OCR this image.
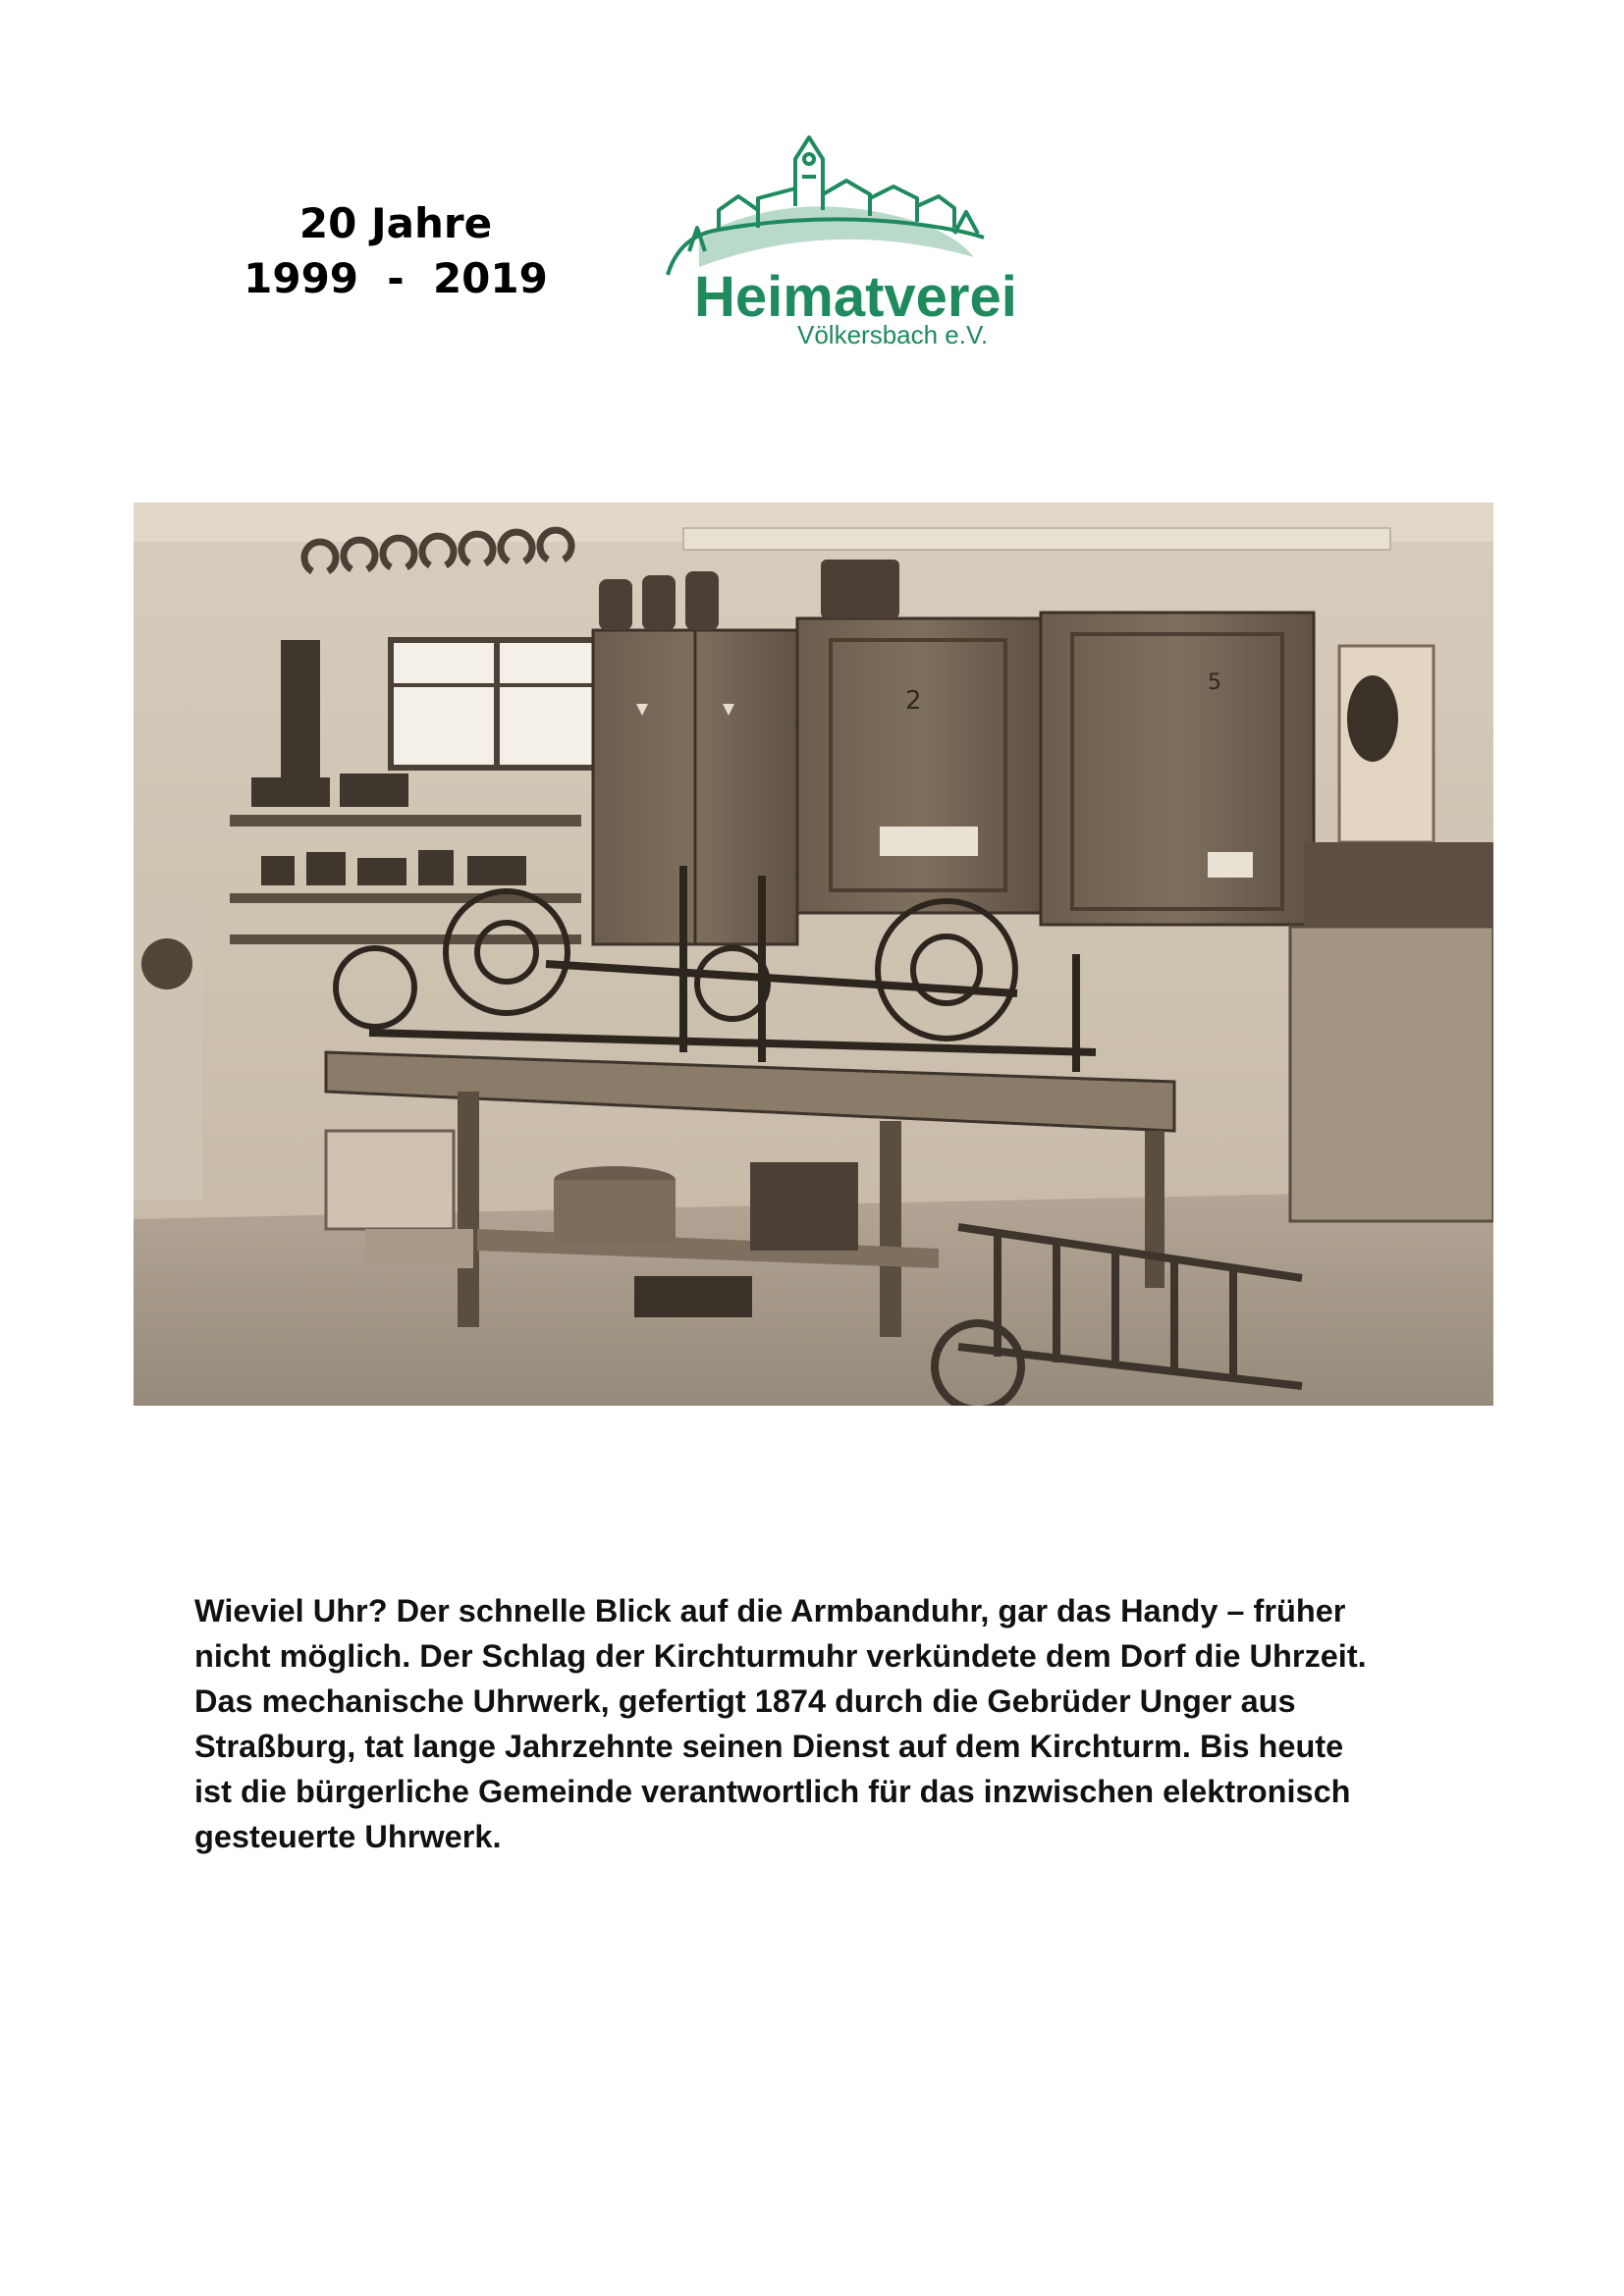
20 Jahre
1999  -  2019	Heimatverei
Völkersbach e.V.
2
5

Wieviel Uhr? Der schnelle Blick auf die Armbanduhr, gar das Handy – früher

nicht möglich. Der Schlag der Kirchturmuhr verkündete dem Dorf die Uhrzeit.

Das mechanische Uhrwerk, gefertigt 1874 durch die Gebrüder Unger aus

Straßburg, tat lange Jahrzehnte seinen Dienst auf dem Kirchturm. Bis heute

ist die bürgerliche Gemeinde verantwortlich für das inzwischen elektronisch

gesteuerte Uhrwerk.
